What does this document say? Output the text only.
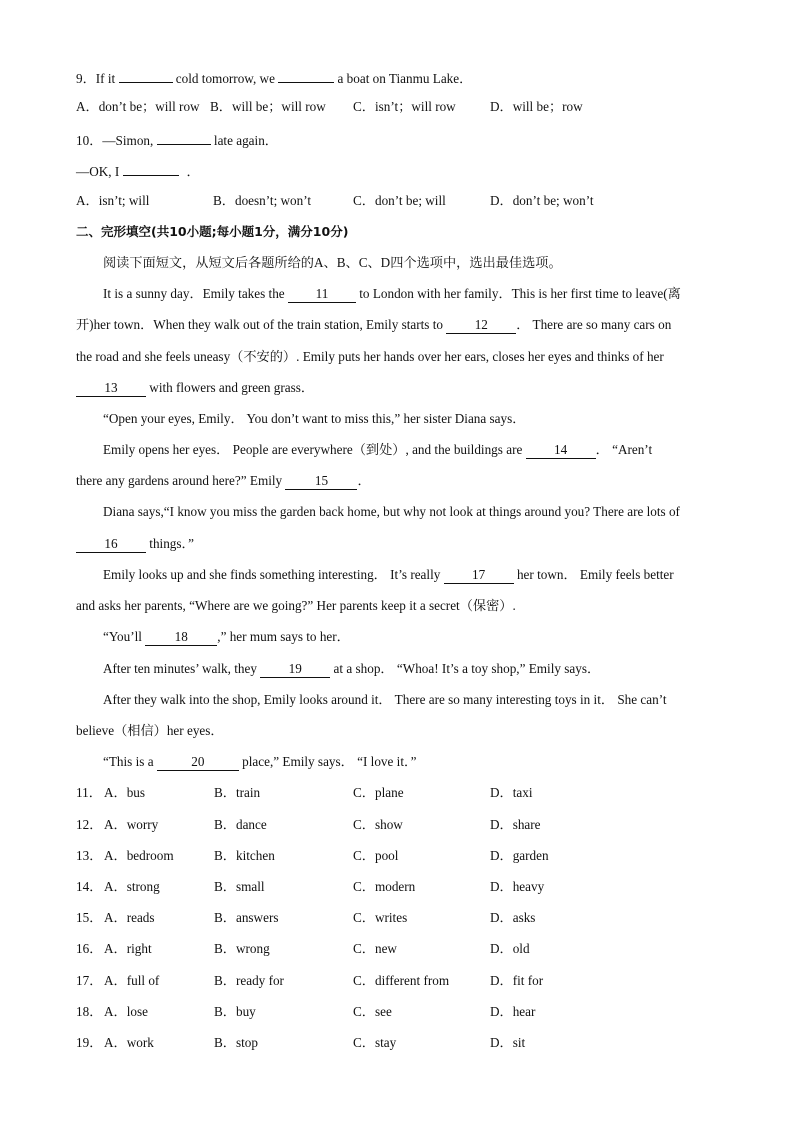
9．If it	cold tomorrow, we	a boat on Tianmu Lake．
A．don’t be；will row B．will be；will row C．isn’t；will row	D．will be；row
10．—Simon,	late again．
—OK, I	．
A．isn’t; will	B．doesn’t; won’t	C．don’t be; will	D．don’t be; won’t
二、完形填空(共10小题;每小题1分，满分10分)
阅读下面短文，从短文后各题所给的A、B、C、D四个选项中，选出最佳选项。
It is a sunny day．Emily takes the 11 to London with her family．This is her first time to leave(离
开)her town．When they walk out of the train station, Emily starts to 12 ． There are so many cars on
the road and she feels uneasy（不安的）. Emily puts her hands over her ears, closes her eyes and thinks of her
13 with flowers and green grass．
“Open your eyes, Emily． You don’t want to miss this,” her sister Diana says．
Emily opens her eyes． People are everywhere（到处）, and the buildings are 14 ． “Aren’t
there any gardens around here?” Emily 15 ．
Diana says,“I know you miss the garden back home, but why not look at things around you? There are lots of
16 things．”
Emily looks up and she finds something interesting． It’s really 17 her town． Emily feels better
and asks her parents, “Where are we going?” Her parents keep it a secret（保密）.
“You’ll 18 ,” her mum says to her．
After ten minutes’ walk, they 19 at a shop． “Whoa! It’s a toy shop,” Emily says．
After they walk into the shop, Emily looks around it． There are so many interesting toys in it． She can’t
believe（相信）her eyes．
“This is a	20	place,” Emily says． “I love it．”
11． A．bus	B．train	C．plane	D．taxi
12． A．worry	B．dance	C．show	D．share
13． A．bedroom	B．kitchen	C．pool	D．garden
14． A．strong	B．small	C．modern	D．heavy
15． A．reads	B．answers	C．writes	D．asks
16． A．right	B．wrong	C．new	D．old
17． A．full of	B．ready for	C．different from	D．fit for
18． A．lose	B．buy	C．see	D．hear
19． A．work	B．stop	C．stay	D．sit
